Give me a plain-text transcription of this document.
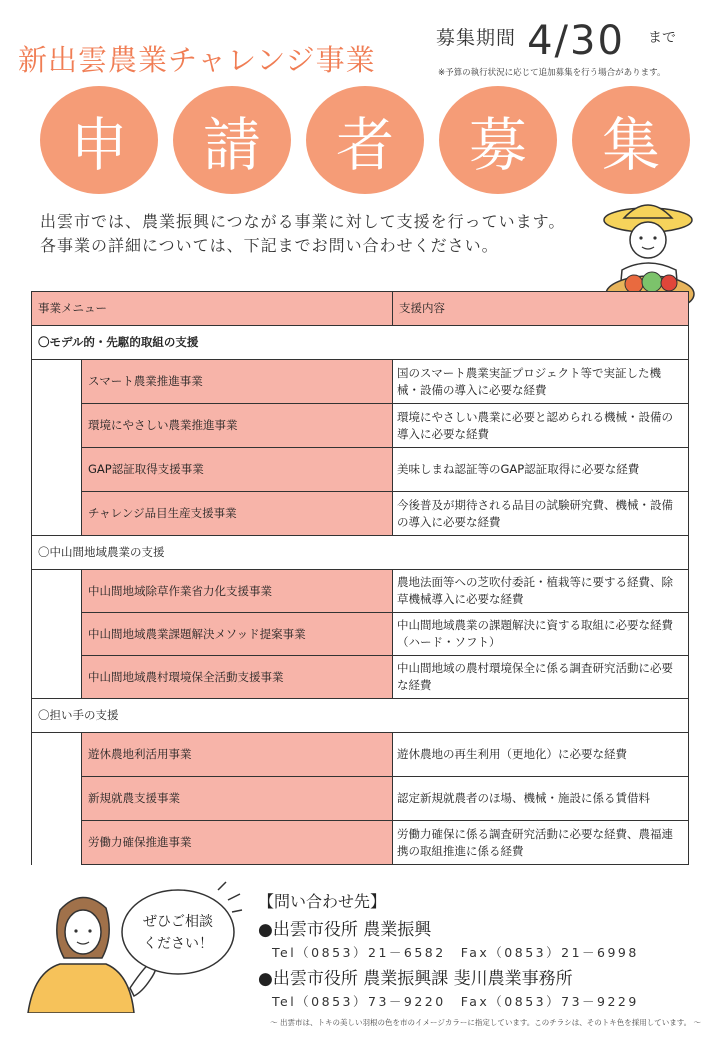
新出雲農業チャレンジ事業
募集期間 4/30 まで
※予算の執行状況に応じて追加募集を行う場合があります。
申	請	者	募	集
出雲市では、農業振興につながる事業に対して支援を行っています。
各事業の詳細については、下記までお問い合わせください。
事業メニュー		支援内容
〇モデル的・先駆的取組の支援		
	スマート農業推進事業	国のスマート農業実証プロジェクト等で実証した機械・設備の導入に必要な経費
	環境にやさしい農業推進事業	環境にやさしい農業に必要と認められる機械・設備の導入に必要な経費
	GAP認証取得支援事業	美味しまね認証等のGAP認証取得に必要な経費
	チャレンジ品目生産支援事業	今後普及が期待される品目の試験研究費、機械・設備の導入に必要な経費
〇中山間地域農業の支援		
	中山間地域除草作業省力化支援事業	農地法面等への芝吹付委託・植栽等に要する経費、除草機械導入に必要な経費
	中山間地域農業課題解決メソッド提案事業	中山間地域農業の課題解決に資する取組に必要な経費（ハード・ソフト）
	中山間地域農村環境保全活動支援事業	中山間地域の農村環境保全に係る調査研究活動に必要な経費
〇担い手の支援		
	遊休農地利活用事業	遊休農地の再生利用（更地化）に必要な経費
	新規就農支援事業	認定新規就農者のほ場、機械・施設に係る賃借料
	労働力確保推進事業	労働力確保に係る調査研究活動に必要な経費、農福連携の取組推進に係る経費
ぜひご相談
ください！
【問い合わせ先】
●出雲市役所 農業振興
Tel（0853）21－6582　Fax（0853）21－6998
●出雲市役所 農業振興課 斐川農業事務所
Tel（0853）73－9220　Fax（0853）73－9229
～ 出雲市は、トキの美しい羽根の色を市のイメージカラーに指定しています。このチラシは、そのトキ色を採用しています。 ～
